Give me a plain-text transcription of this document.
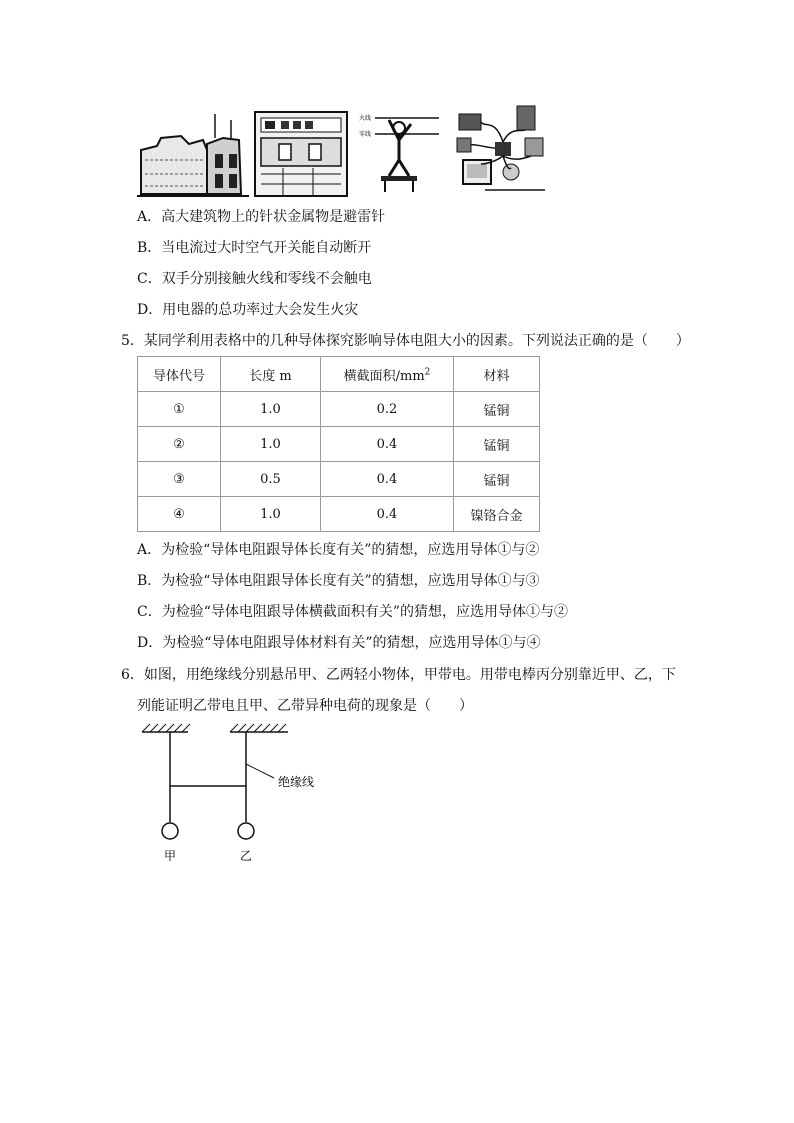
火线
零线
A．高大建筑物上的针状金属物是避雷针
B．当电流过大时空气开关能自动断开
C．双手分别接触火线和零线不会触电
D．用电器的总功率过大会发生火灾
5．某同学利用表格中的几种导体探究影响导体电阻大小的因素。下列说法正确的是（　　）
导体代号	长度 m	横截面积$/mm^2$	材料
①	1.0	0.2	锰铜
②	1.0	0.4	锰铜
③	0.5	0.4	锰铜
④	1.0	0.4	镍铬合金
A．为检验“导体电阻跟导体长度有关”的猜想，应选用导体①与②
B．为检验“导体电阻跟导体长度有关”的猜想，应选用导体①与③
C．为检验“导体电阻跟导体横截面积有关”的猜想，应选用导体①与②
D．为检验“导体电阻跟导体材料有关”的猜想，应选用导体①与④
6．如图，用绝缘线分别悬吊甲、乙两轻小物体，甲带电。用带电棒丙分别靠近甲、乙，下
列能证明乙带电且甲、乙带异种电荷的现象是（　　）
绝缘线
甲	乙
